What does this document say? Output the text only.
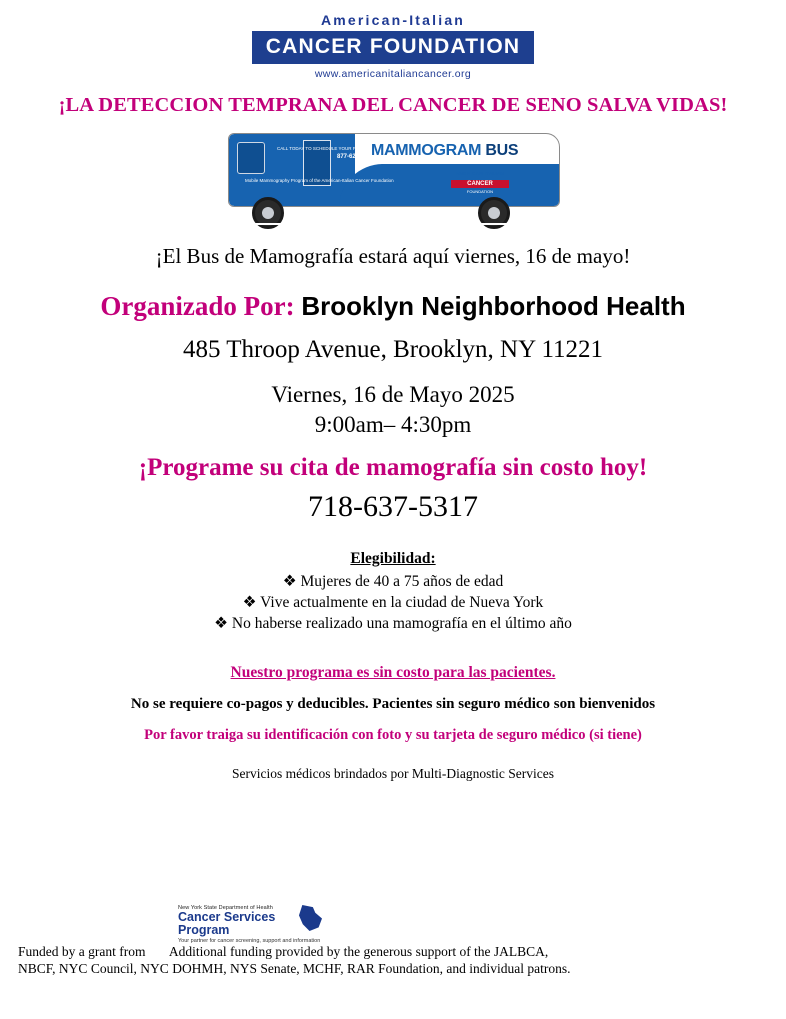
American-Italian
CANCER FOUNDATION
www.americanitaliancancer.org
¡LA DETECCION TEMPRANA DEL CANCER DE SENO SALVA VIDAS!
877-628-9090
Mobile Mammography Program of the American-Italian Cancer Foundation
CALL TODAY TO SCHEDULE YOUR FREE MAMMOGRAM
MAMMOGRAM BUS
AMERICAN-ITALIAN
CANCER
FOUNDATION
¡El Bus de Mamografía estará aquí viernes, 16 de mayo!
Organizado Por: Brooklyn Neighborhood Health
485 Throop Avenue, Brooklyn, NY 11221
Viernes, 16 de Mayo 2025
9:00am– 4:30pm
¡Programe su cita de mamografía sin costo hoy!
718-637-5317
Elegibilidad:
❖ Mujeres de 40 a 75 años de edad
❖ Vive actualmente en la ciudad de Nueva York
❖ No haberse realizado una mamografía en el último año
Nuestro programa es sin costo para las pacientes.
No se requiere co-pagos y deducibles. Pacientes sin seguro médico son bienvenidos
Por favor traiga su identificación con foto y su tarjeta de seguro médico (si tiene)
Servicios médicos brindados por Multi-Diagnostic Services
New York State Department of Health
Cancer Services Program
Your partner for cancer screening, support and information
Funded by a grant from Additional funding provided by the generous support of the JALBCA,
NBCF, NYC Council, NYC DOHMH, NYS Senate, MCHF, RAR Foundation, and individual patrons.
